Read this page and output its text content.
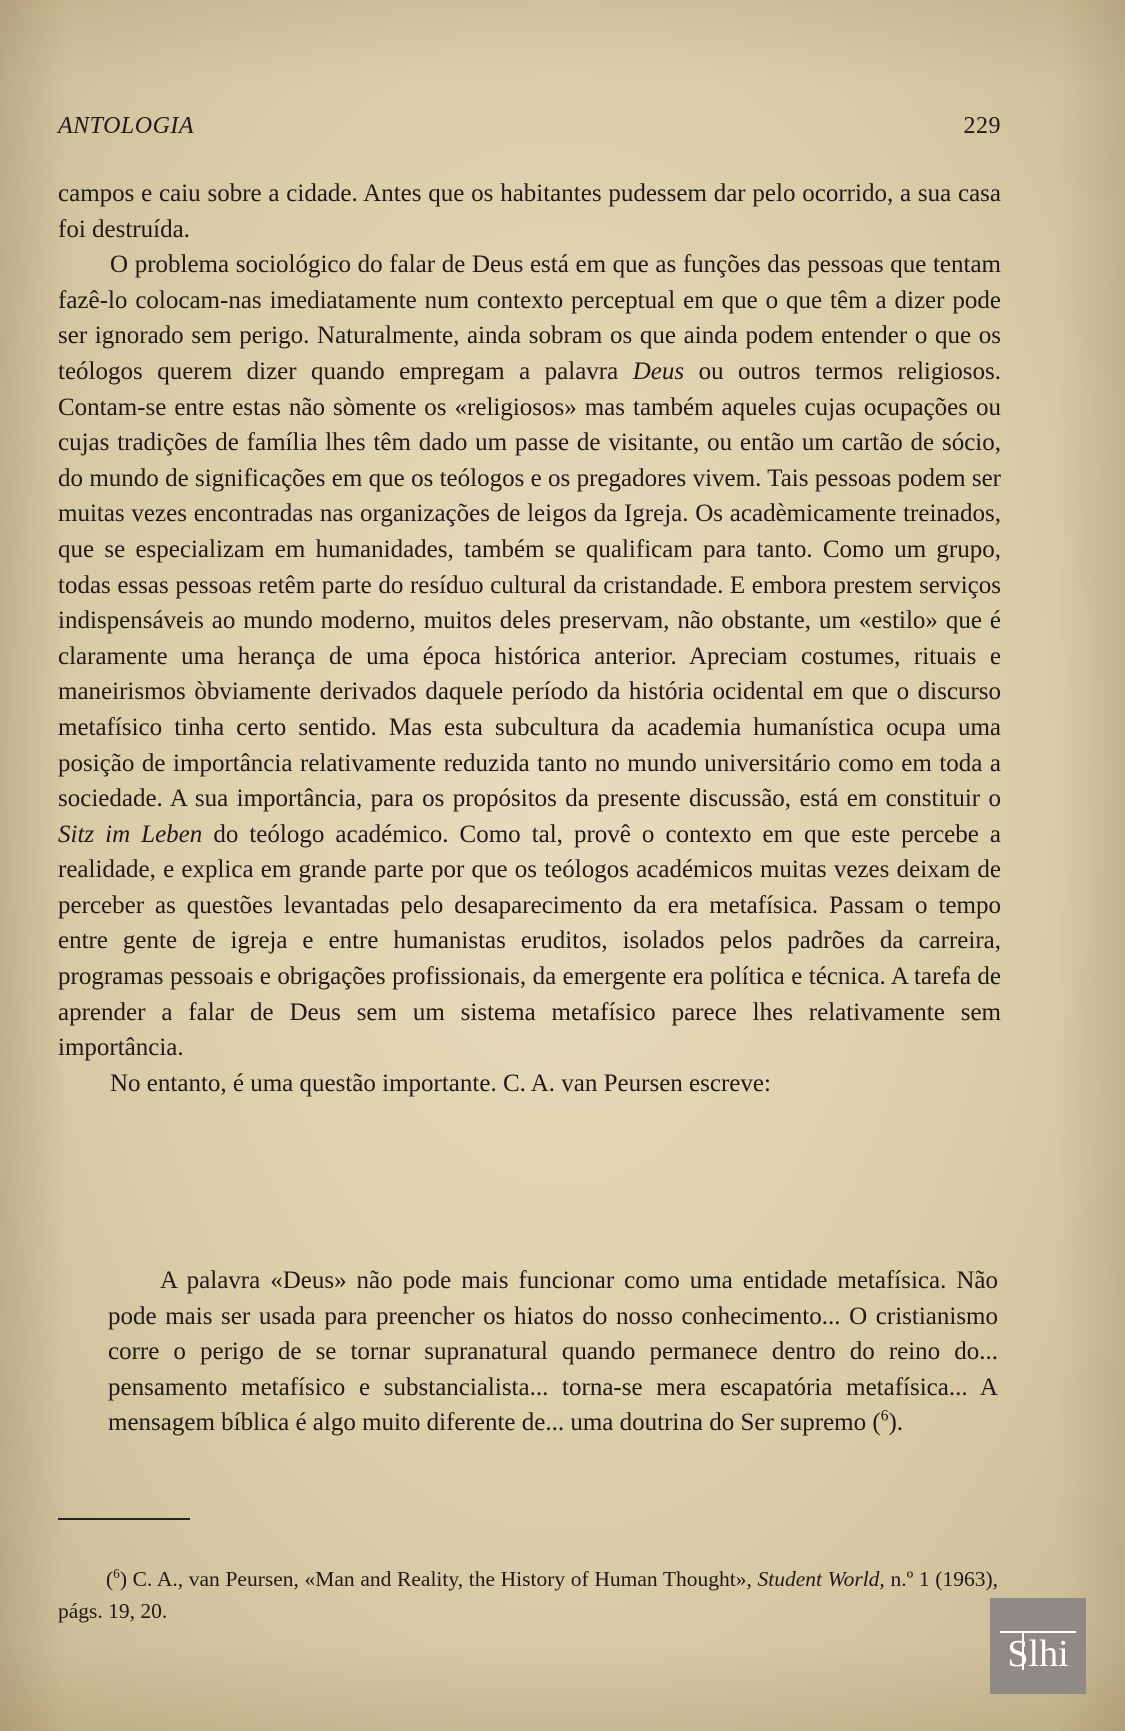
ANTOLOGIA	229

campos e caiu sobre a cidade. Antes que os habitantes pudessem dar pelo ocorrido, a sua casa foi destruída.

O problema sociológico do falar de Deus está em que as funções das pessoas que tentam fazê-lo colocam-nas imediatamente num contexto perceptual em que o que têm a dizer pode ser ignorado sem perigo. Naturalmente, ainda sobram os que ainda podem entender o que os teólogos querem dizer quando empregam a palavra Deus ou outros termos religiosos. Contam-se entre estas não sòmente os «religiosos» mas também aqueles cujas ocupações ou cujas tradições de família lhes têm dado um passe de visitante, ou então um cartão de sócio, do mundo de significações em que os teólogos e os pregadores vivem. Tais pessoas podem ser muitas vezes encontradas nas organizações de leigos da Igreja. Os acadèmicamente treinados, que se especializam em humanidades, também se qualificam para tanto. Como um grupo, todas essas pessoas retêm parte do resíduo cultural da cristandade. E embora prestem serviços indispensáveis ao mundo moderno, muitos deles preservam, não obstante, um «estilo» que é claramente uma herança de uma época histórica anterior. Apreciam costumes, rituais e maneirismos òbviamente derivados daquele período da história ocidental em que o discurso metafísico tinha certo sentido. Mas esta subcultura da academia humanística ocupa uma posição de importância relativamente reduzida tanto no mundo universitário como em toda a sociedade. A sua importância, para os propósitos da presente discussão, está em constituir o Sitz im Leben do teólogo académico. Como tal, provê o contexto em que este percebe a realidade, e explica em grande parte por que os teólogos académicos muitas vezes deixam de perceber as questões levantadas pelo desaparecimento da era metafísica. Passam o tempo entre gente de igreja e entre humanistas eruditos, isolados pelos padrões da carreira, programas pessoais e obrigações profissionais, da emergente era política e técnica. A tarefa de aprender a falar de Deus sem um sistema metafísico parece lhes relativamente sem importância.

No entanto, é uma questão importante. C. A. van Peursen escreve:

A palavra «Deus» não pode mais funcionar como uma entidade metafísica. Não pode mais ser usada para preencher os hiatos do nosso conhecimento... O cristianismo corre o perigo de se tornar supranatural quando permanece dentro do reino do... pensamento metafísico e substancialista... torna-se mera escapatória metafísica... A mensagem bíblica é algo muito diferente de... uma doutrina do Ser supremo ($^6$).

($^6$) C. A., van Peursen, «Man and Reality, the History of Human Thought», Student World, n.º 1 (1963), págs. 19, 20.

Slhi
